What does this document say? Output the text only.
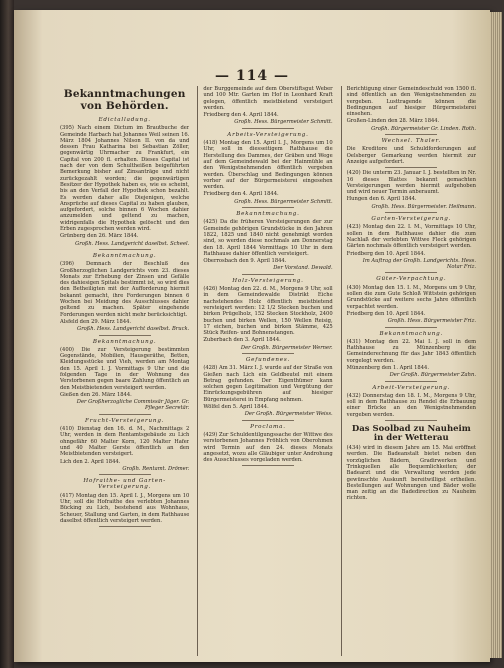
— 114 —
Bekanntmachungen von Behörden.
Edictalladung.

(395) Nach einem Dictum im Brautbuche der Gemeinde Harbach hat Johannes Weil seinen 16. März 1804 Johannes Nilson II. von da und dessen Frau Katharina bei Sebastian Zöller, gegenwärtig Uhrmacher zu Frankfurt, ein Capital von 200 fl. erhalten. Dieses Capital ist nach der von dem Schultheißen beigeführten Bemerkung bisher auf Zinsanträge und nicht zurückgezahlt worden; die gegenwärtigen Besitzer der Hypothek haben es, wie es scheint, bis an den Verfall der Hypothek schon bezahlt. Es werden daher alle Diejenigen, welche Ansprüche auf dieses Capital zu haben glauben, aufgefordert, solche binnen 6 Wochen dahier anzumelden und geltend zu machen, widrigenfalls die Hypothek gelöscht und den Erben zugesprochen werden wird.

Grünberg den 26. März 1844.
Großh. Hess. Landgericht daselbst. Scheel.
Bekanntmachung.

(396) Demnach der Beschluß des Großherzoglichen Landgerichts vom 23. dieses Monats zur Erhebung der Zinsen und Gefälle des dahiesigen Spitals bestimmt ist, so wird dies den Betheiligten mit der Aufforderung hiermit bekannt gemacht, ihre Forderungen binnen 6 Wochen bei Meidung des Ausschlusses dahier geltend zu machen. Später eingehende Forderungen werden nicht mehr berücksichtigt.

Alsfeld den 29. März 1844.
Großh. Hess. Landgericht daselbst. Bruck.
Bekanntmachung.

(400) Die zur Versteigerung bestimmten Gegenstände, Mobilien, Hausgeräthe, Betten, Kleidungsstücke und Vieh, werden am Montag den 15. April I. J. Vormittags 9 Uhr und die folgenden Tage in der Wohnung des Verstorbenen gegen baare Zahlung öffentlich an den Meistbietenden versteigert werden.

Gießen den 26. März 1844.
Der Großherzogliche Commissär Jäger. Gr. Pfleger Secretär.
Frucht-Versteigerung.

(410) Dienstag den 16. d. M., Nachmittags 2 Uhr, werden in dem Rentamtsgebäude zu Lich ohngefähr 60 Malter Korn, 120 Malter Hafer und 40 Malter Gerste öffentlich an den Meistbietenden versteigert.

Lich den 2. April 1844.
Großh. Rentamt. Drömer.
Hofraithe- und Garten-Versteigerung.

(417) Montag den 15. April I. J., Morgens um 10 Uhr, soll die Hofraithe des verlebten Johannes Bücking zu Lich, bestehend aus Wohnhaus, Scheuer, Stallung und Garten, in dem Rathhause daselbst öffentlich versteigert werden.

der Burggemeinde auf dem Oberstiftsgut Weber und 100 Mtr. Garten im Hof in Leonhard Kraft gelegen, öffentlich meistbietend versteigert werden.

Friedberg den 4. April 1844.
Großh. Hess. Bürgermeister Schmitt.
Arbeits-Versteigerung.

(418) Montag den 15. April I. J., Morgens um 10 Uhr, soll in diesseitigem Rathhause die Herstellung des Dammes, der Gräben und Wege auf dem Gemeindewald bei der Hainmühle an den Wenigstnehmenden öffentlich vergeben werden. Überschlag und Bedingungen können vorher auf der Bürgermeisterei eingesehen werden.

Friedberg den 4. April 1844.
Großh. Hess. Bürgermeister Schmitt.
Bekanntmachung.

(425) Da die früheren Versteigerungen der zur Gemeinde gehörigen Grundstücke in den Jahren 1822, 1825 und 1840 nicht genehmigt worden sind, so werden diese nochmals am Donnerstag den 18. April 1844 Vormittags 10 Uhr in dem Rathhause dahier öffentlich versteigert.

Oberrosbach den 9. April 1844.
Der Vorstand. Dewald.
Holz-Versteigerung.

(426) Montag den 22. d. M., Morgens 9 Uhr, soll in dem Gemeindewalde Distrikt Eiche nachstehendes Holz öffentlich meistbietend versteigert werden: 12 1/2 Stecken buchen und birken Prügelholz, 152 Stecken Stockholz, 2400 buchen und birken Wellen, 150 Wellen Reisig, 17 eichen, buchen und birken Stämme, 425 Stück Reifen- und Bohnenstangen.

Zuberbach den 3. April 1844.
Der Großh. Bürgermeister Werner.
Gefundenes.

(428) Am 31. März I. J. wurde auf der Straße von Gießen nach Lich ein Geldbeutel mit einem Betrag gefunden. Der Eigenthümer kann solchen gegen Legitimation und Vergütung der Einrückungsgebühren auf hiesiger Bürgermeisterei in Empfang nehmen.

Wölfel den 5. April 1844.
Der Großh. Bürgermeister Weiss.
Proclama.

(429) Zur Schuldentilgungssache der Wittwe des verstorbenen Johannes Fröhlich von Oberohmen wird Termin auf den 24. dieses Monats angesetzt, wozu alle Gläubiger unter Androhung des Ausschlusses vorgeladen werden.

Berichtigung einer Gemeindeschuld von 1500 fl. sind öffentlich an den Wenigstnehmenden zu vergeben. Lusttragende können die Bedingungen auf hiesiger Bürgermeisterei einsehen.

Großen-Linden den 28. März 1844.
Großh. Bürgermeister Gr. Linden. Roth.
Wechsel. Thaler.

Die Kreditore und Schuldforderungen auf Oelsberger Gemarkung werden hiermit zur Anzeige aufgefordert.

(420) Die unterm 23. Januar I. J. bestellten in Nr. 16 dieses Blattes bekannt gemachten Versteigerungen werden hiermit aufgehoben und wird neuer Termin anberaumt.

Hungen den 6. April 1844.
Großh. Hess. Bürgermeister. Heilmann.
Garten-Versteigerung.

(423) Montag den 22. I. M., Vormittags 10 Uhr, sollen in dem Rathhause dahier die zum Nachlaß der verlebten Wittwe Fleck gehörigen Gärten nochmals öffentlich versteigert werden.

Friedberg den 10. April 1844.
Im Auftrag der Großh. Landgerichts. Hess. Notar Friz.
Güter-Verpachtung.

(430) Montag den 15. I. M., Morgens um 9 Uhr, sollen die zum Gute Schloß Wittstein gehörigen Grundstücke auf weitere sechs Jahre öffentlich verpachtet werden.

Friedberg den 10. April 1844.
Großh. Hess. Bürgermeister Friz.
Bekanntmachung.

(431) Montag den 22. Mai I. J. soll in dem Rathhause zu Münzenberg die Gemeinderechnung für das Jahr 1843 öffentlich vorgelegt werden.

Münzenberg den 1. April 1844.
Der Großh. Bürgermeister Zahn.
Arbeit-Versteigerung.

(432) Donnerstag den 18. I. M., Morgens 9 Uhr, soll in dem Rathhause zu Rendel die Erbauung einer Brücke an den Wenigstnehmenden vergeben werden.

Das Soolbad zu Nauheim in der Wetterau

(434) wird in diesem Jahre am 15. Mai eröffnet werden. Die Badeanstalt bietet neben den vorzüglichen Bädern, Gradirwerken und Trinkquellen alle Bequemlichkeiten; der Badearzt und die Verwaltung werden jede gewünschte Auskunft bereitwilligst ertheilen. Bestellungen auf Wohnungen und Bäder wolle man zeitig an die Badedirection zu Nauheim richten.
